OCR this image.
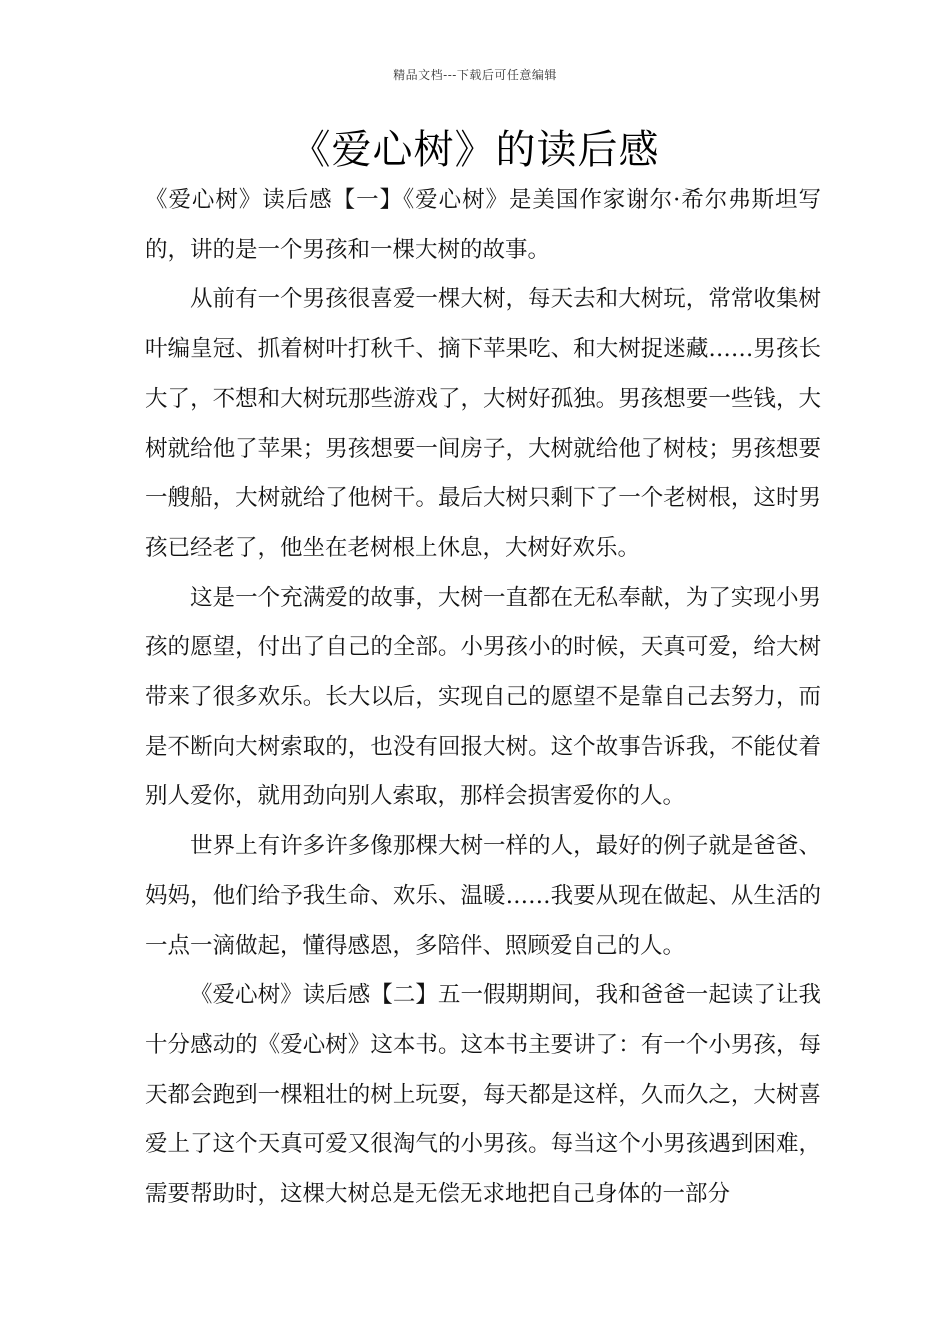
精品文档---下载后可任意编辑
《爱心树》的读后感

《爱心树》读后感【一】《爱心树》是美国作家谢尔·希尔弗斯坦写的，讲的是一个男孩和一棵大树的故事。

从前有一个男孩很喜爱一棵大树，每天去和大树玩，常常收集树叶编皇冠、抓着树叶打秋千、摘下苹果吃、和大树捉迷藏……男孩长大了，不想和大树玩那些游戏了，大树好孤独。男孩想要一些钱，大树就给他了苹果；男孩想要一间房子，大树就给他了树枝；男孩想要一艘船，大树就给了他树干。最后大树只剩下了一个老树根，这时男孩已经老了，他坐在老树根上休息，大树好欢乐。

这是一个充满爱的故事，大树一直都在无私奉献，为了实现小男孩的愿望，付出了自己的全部。小男孩小的时候，天真可爱，给大树带来了很多欢乐。长大以后，实现自己的愿望不是靠自己去努力，而是不断向大树索取的，也没有回报大树。这个故事告诉我，不能仗着别人爱你，就用劲向别人索取，那样会损害爱你的人。

世界上有许多许多像那棵大树一样的人，最好的例子就是爸爸、妈妈，他们给予我生命、欢乐、温暖……我要从现在做起、从生活的一点一滴做起，懂得感恩，多陪伴、照顾爱自己的人。

《爱心树》读后感【二】五一假期期间，我和爸爸一起读了让我十分感动的《爱心树》这本书。这本书主要讲了：有一个小男孩，每天都会跑到一棵粗壮的树上玩耍，每天都是这样，久而久之，大树喜爱上了这个天真可爱又很淘气的小男孩。每当这个小男孩遇到困难，需要帮助时，这棵大树总是无偿无求地把自己身体的一部分
